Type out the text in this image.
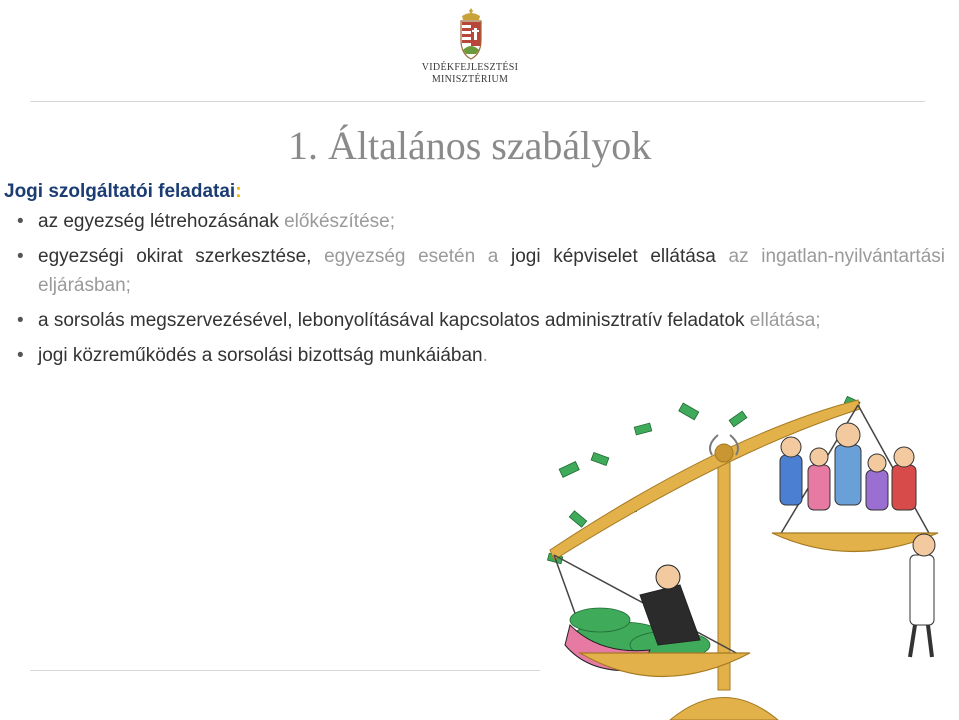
VIDÉKFEJLESZTÉSI
MINISZTÉRIUM
1. Általános szabályok
Jogi szolgáltatói feladatai:
• az egyezség létrehozásának előkészítése;
• egyezségi okirat szerkesztése, egyezség esetén a jogi képviselet ellátása az ingatlan-nyilvántartási eljárásban;
• a sorsolás megszervezésével, lebonyolításával kapcsolatos adminisztratív feladatok ellátása;
• jogi közreműködés a sorsolási bizottság munkáiában.
